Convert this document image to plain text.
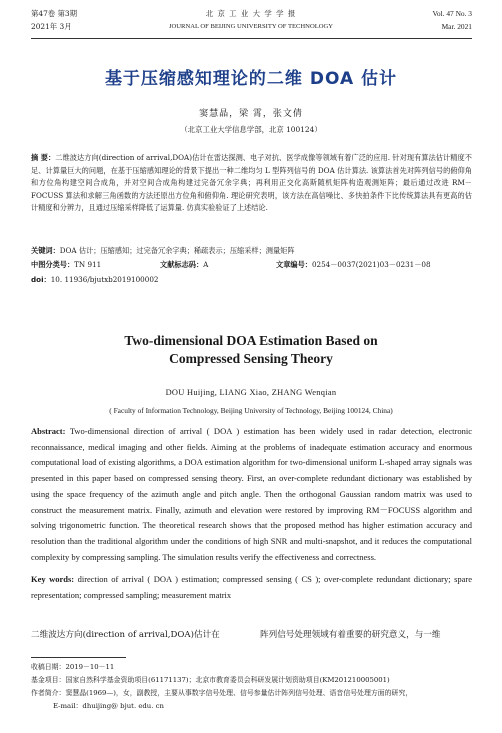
第47卷 第3期
2021年 3月
北 京 工 业 大 学 学 报
JOURNAL OF BEIJING UNIVERSITY OF TECHNOLOGY
Vol. 47 No. 3
Mar. 2021
基于压缩感知理论的二维 DOA 估计
窦慧晶，梁 霄，张文倩
（北京工业大学信息学部，北京 100124）
摘 要：二维波达方向(direction of arrival,DOA)估计在雷达探测、电子对抗、医学成像等领域有着广泛的应用. 针对现有算法估计精度不足、计算量巨大的问题，在基于压缩感知理论的背景下提出一种二维均匀 L 型阵列信号的 DOA 估计算法. 该算法首先对阵列信号的俯仰角和方位角构建空间合成角，并对空间合成角构建过完备冗余字典；再利用正交化高斯随机矩阵构造观测矩阵；最后通过改进 RM－FOCUSS 算法和求解三角函数的方法还原出方位角和俯仰角. 理论研究表明，该方法在高信噪比、多快拍条件下比传统算法具有更高的估计精度和分辨力，且通过压缩采样降低了运算量. 仿真实验验证了上述结论.
关键词：DOA 估计；压缩感知；过完备冗余字典；稀疏表示；压缩采样；测量矩阵
中图分类号：TN 911	文献标志码：A	文章编号：0254－0037(2021)03－0231－08
doi：10. 11936/bjutxb2019100002
Two-dimensional DOA Estimation Based on
Compressed Sensing Theory
DOU Huijing, LIANG Xiao, ZHANG Wenqian
( Faculty of Information Technology, Beijing University of Technology, Beijing 100124, China)
Abstract: Two-dimensional direction of arrival ( DOA ) estimation has been widely used in radar detection, electronic reconnaissance, medical imaging and other fields. Aiming at the problems of inadequate estimation accuracy and enormous computational load of existing algorithms, a DOA estimation algorithm for two-dimensional uniform L-shaped array signals was presented in this paper based on compressed sensing theory. First, an over-complete redundant dictionary was established by using the space frequency of the azimuth angle and pitch angle. Then the orthogonal Gaussian random matrix was used to construct the measurement matrix. Finally, azimuth and elevation were restored by improving RM－FOCUSS algorithm and solving trigonometric function. The theoretical research shows that the proposed method has higher estimation accuracy and resolution than the traditional algorithm under the conditions of high SNR and multi-snapshot, and it reduces the computational complexity by compressing sampling. The simulation results verify the effectiveness and correctness.
Key words: direction of arrival ( DOA ) estimation; compressed sensing ( CS ); over-complete redundant dictionary; spare representation; compressed sampling; measurement matrix
二维波达方向(direction of arrival,DOA)估计在	阵列信号处理领域有着重要的研究意义，与一维
收稿日期：2019－10－11
基金项目：国家自然科学基金资助项目(61171137)；北京市教育委员会科研发展计划资助项目(KM201210005001)
作者简介：窦慧晶(1969—)，女，副教授，主要从事数字信号处理、信号参量估计阵列信号处理、语音信号处理方面的研究，
E-mail：dhuijing@ bjut. edu. cn
